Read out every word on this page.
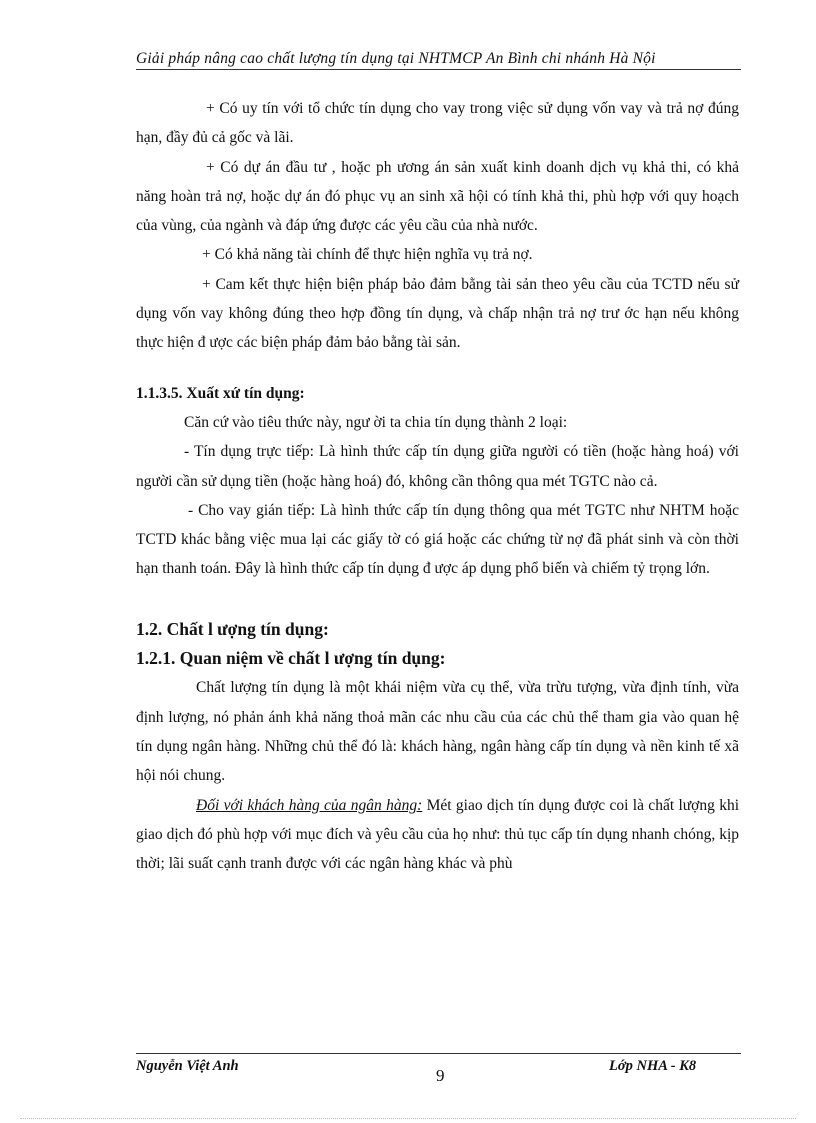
Giải pháp nâng cao chất lượng tín dụng tại NHTMCP An Bình chi nhánh Hà Nội

+ Có uy tín với tổ chức tín dụng cho vay trong việc sử dụng vốn vay và trả nợ đúng hạn, đầy đủ cả gốc và lãi.

+ Có dự án đầu tư , hoặc ph ương án sản xuất kinh doanh dịch vụ khả thi, có khả năng hoàn trả nợ, hoặc dự án đó phục vụ an sinh xã hội có tính khả thi, phù hợp với quy hoạch của vùng, của ngành và đáp ứng được các yêu cầu của nhà nước.

+ Có khả năng tài chính để thực hiện nghĩa vụ trả nợ.

+ Cam kết thực hiện biện pháp bảo đảm bằng tài sản theo yêu cầu của TCTD nếu sử dụng vốn vay không đúng theo hợp đồng tín dụng, và chấp nhận trả nợ trư ớc hạn nếu không thực hiện đ ược các biện pháp đảm bảo bằng tài sản.

1.1.3.5. Xuất xứ tín dụng:

Căn cứ vào tiêu thức này, ngư ời ta chia tín dụng thành 2 loại:

- Tín dụng trực tiếp: Là hình thức cấp tín dụng giữa người có tiền (hoặc hàng hoá) với người cần sử dụng tiền (hoặc hàng hoá) đó, không cần thông qua mét TGTC nào cả.

- Cho vay gián tiếp: Là hình thức cấp tín dụng thông qua mét TGTC như NHTM hoặc TCTD khác bằng việc mua lại các giấy tờ có giá hoặc các chứng từ nợ đã phát sinh và còn thời hạn thanh toán. Đây là hình thức cấp tín dụng đ ược áp dụng phổ biến và chiếm tỷ trọng lớn.

1.2. Chất l ượng tín dụng:

1.2.1. Quan niệm về chất l ượng tín dụng:

Chất lượng tín dụng là một khái niệm vừa cụ thể, vừa trừu tượng, vừa định tính, vừa định lượng, nó phản ánh khả năng thoả mãn các nhu cầu của các chủ thể tham gia vào quan hệ tín dụng ngân hàng. Những chủ thể đó là: khách hàng, ngân hàng cấp tín dụng và nền kinh tế xã hội nói chung.

Đối với khách hàng của ngân hàng: Mét giao dịch tín dụng được coi là chất lượng khi giao dịch đó phù hợp với mục đích và yêu cầu của họ như: thủ tục cấp tín dụng nhanh chóng, kịp thời; lãi suất cạnh tranh được với các ngân hàng khác và phù

Nguyễn Việt Anh	Lớp NHA - K8
9
